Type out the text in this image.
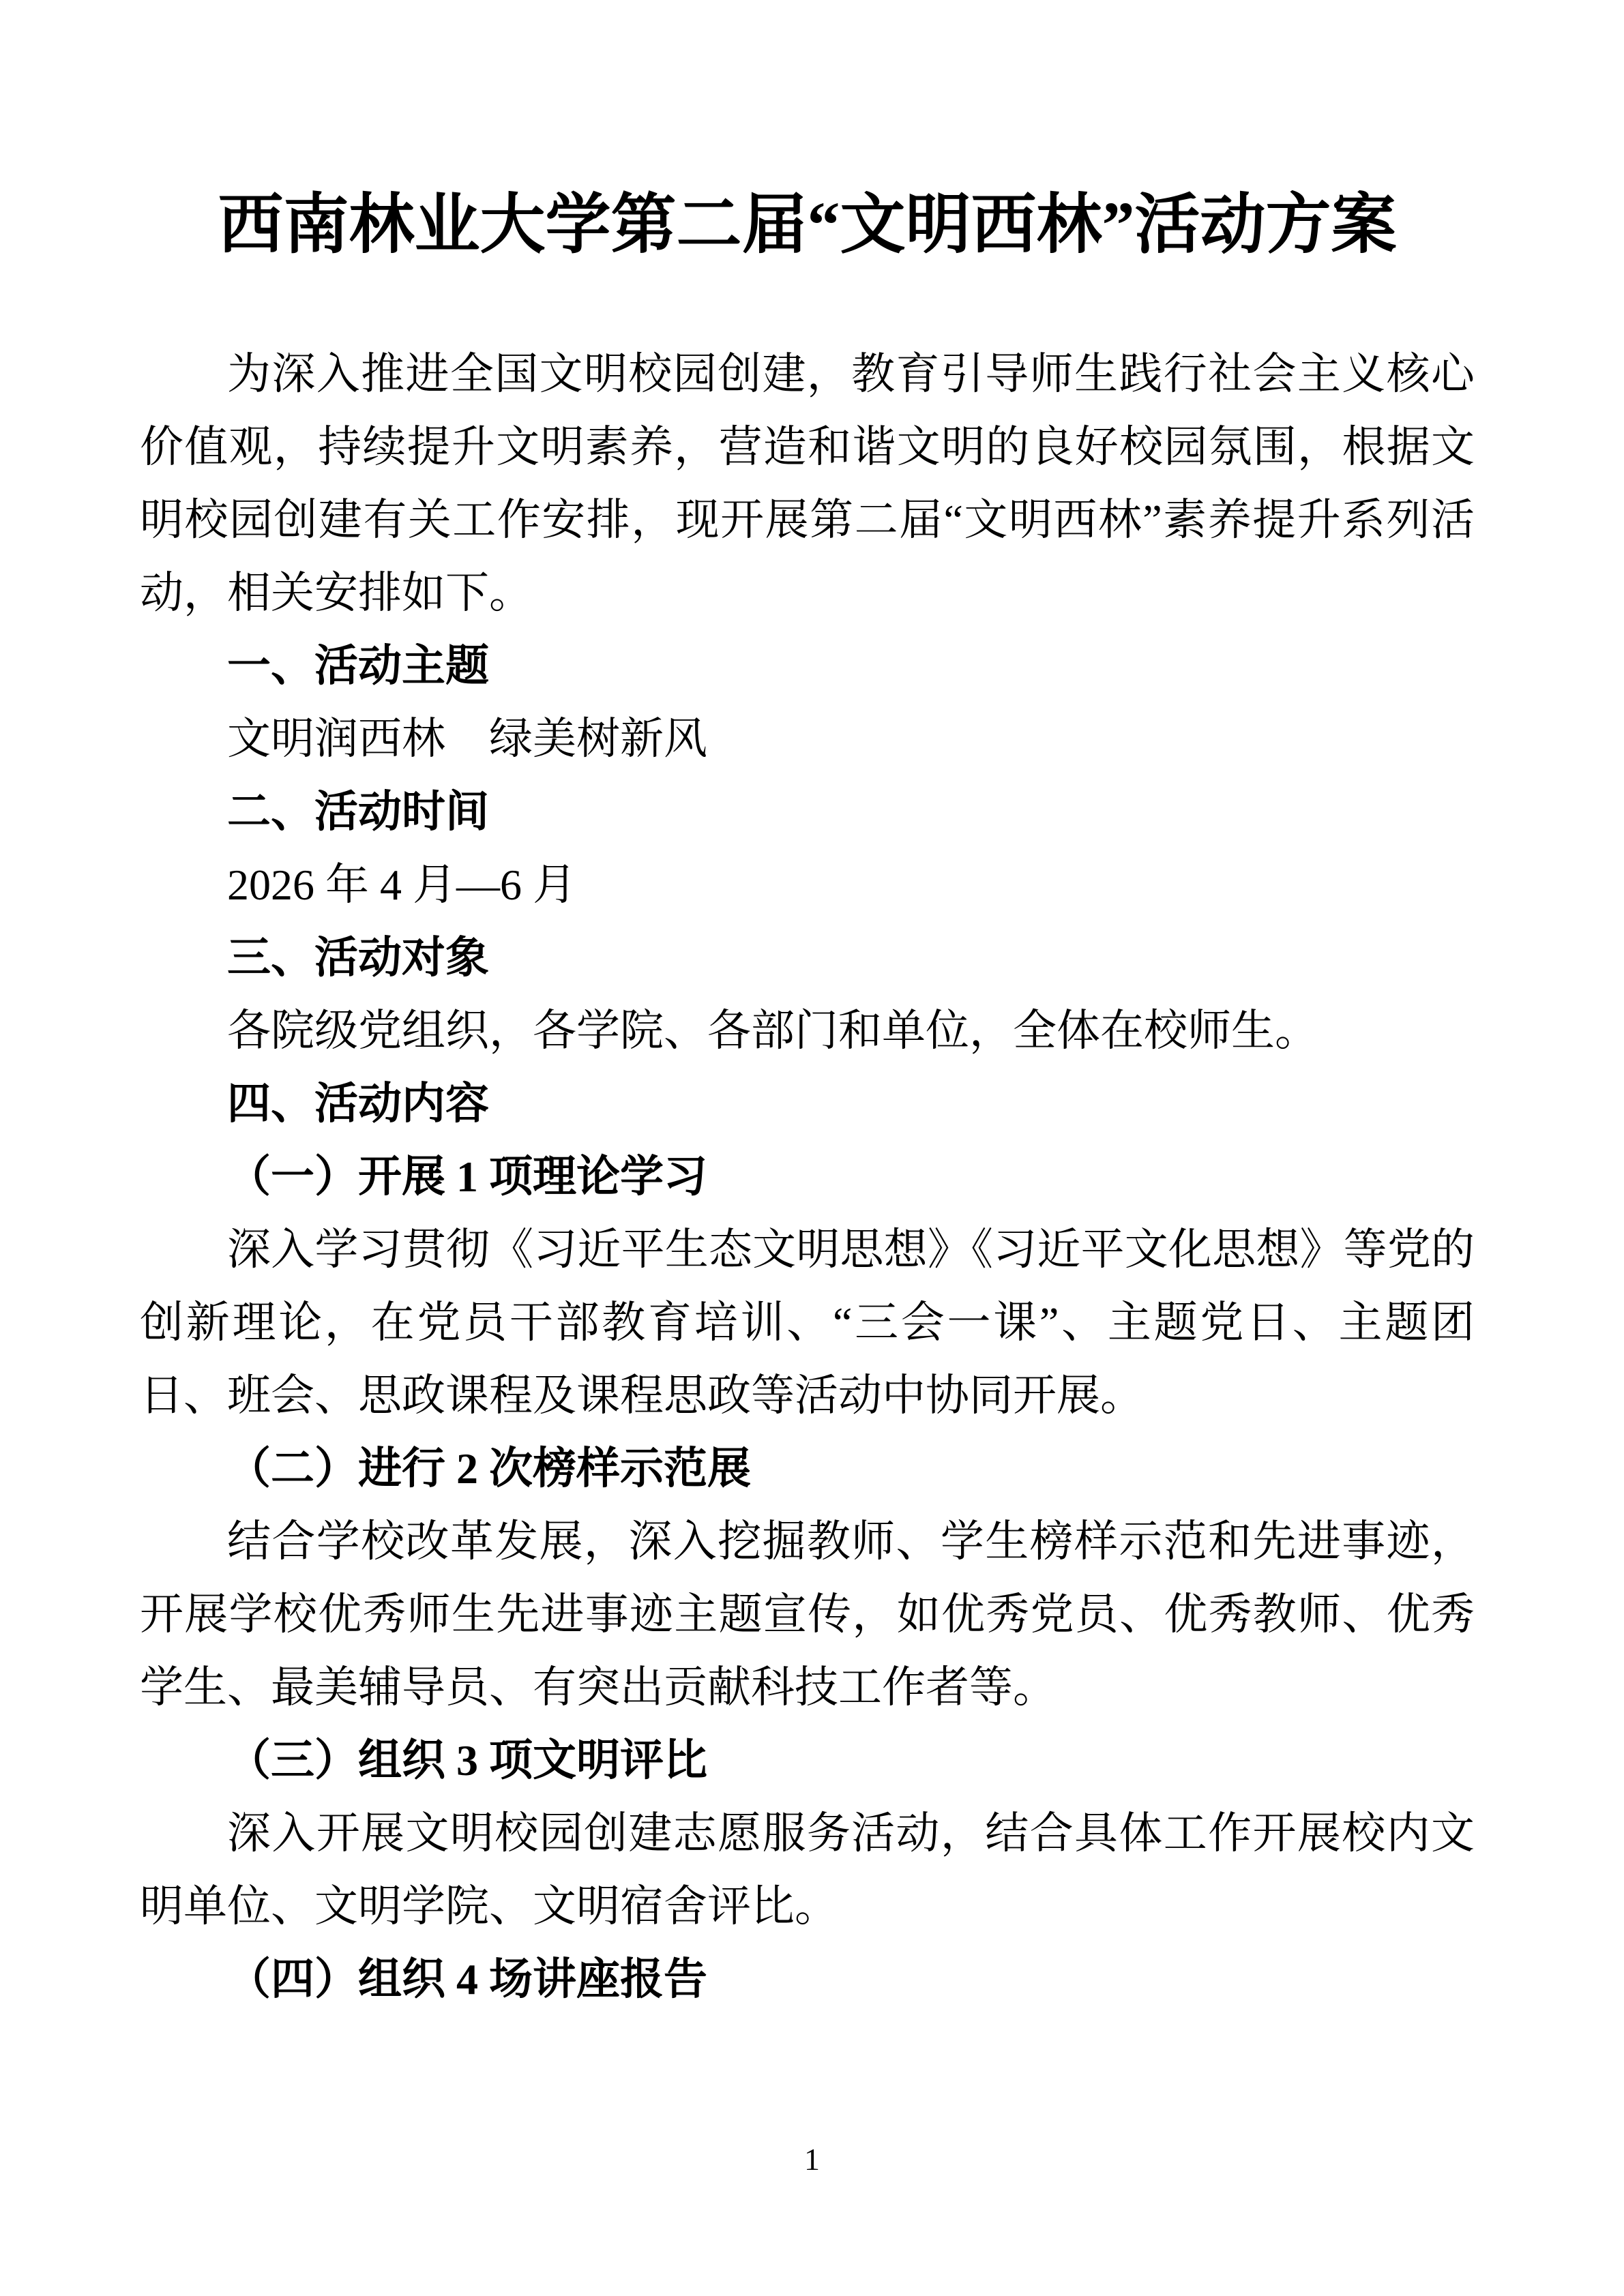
西南林业大学第二届“文明西林”活动方案

为深入推进全国文明校园创建，教育引导师生践行社会主义核心价值观，持续提升文明素养，营造和谐文明的良好校园氛围，根据文明校园创建有关工作安排，现开展第二届“文明西林”素养提升系列活动，相关安排如下。

一、活动主题

文明润西林　绿美树新风

二、活动时间

2026 年 4 月—6 月

三、活动对象

各院级党组织，各学院、各部门和单位，全体在校师生。

四、活动内容
（一）开展 1 项理论学习

深入学习贯彻《习近平生态文明思想》《习近平文化思想》等党的创新理论，在党员干部教育培训、“三会一课”、主题党日、主题团日、班会、思政课程及课程思政等活动中协同开展。

（二）进行 2 次榜样示范展

结合学校改革发展，深入挖掘教师、学生榜样示范和先进事迹，开展学校优秀师生先进事迹主题宣传，如优秀党员、优秀教师、优秀学生、最美辅导员、有突出贡献科技工作者等。

（三）组织 3 项文明评比

深入开展文明校园创建志愿服务活动，结合具体工作开展校内文明单位、文明学院、文明宿舍评比。

（四）组织 4 场讲座报告
1
